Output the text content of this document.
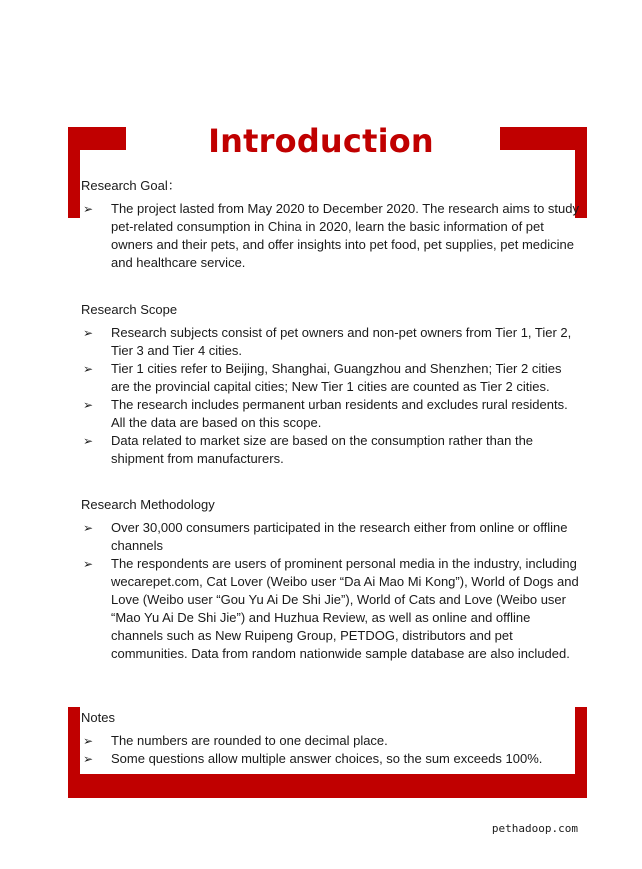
Introduction

Research Goal：

➢ The project lasted from May 2020 to December 2020. The research aims to study pet-related consumption in China in 2020, learn the basic information of pet owners and their pets, and offer insights into pet food, pet supplies, pet medicine and healthcare service.

Research Scope

➢ Research subjects consist of pet owners and non-pet owners from Tier 1, Tier 2, Tier 3 and Tier 4 cities.
➢ Tier 1 cities refer to Beijing, Shanghai, Guangzhou and Shenzhen; Tier 2 cities are the provincial capital cities; New Tier 1 cities are counted as Tier 2 cities.
➢ The research includes permanent urban residents and excludes rural residents. All the data are based on this scope.
➢ Data related to market size are based on the consumption rather than the shipment from manufacturers.

Research Methodology

➢ Over 30,000 consumers participated in the research either from online or offline channels
➢ The respondents are users of prominent personal media in the industry, including wecarepet.com, Cat Lover (Weibo user “Da Ai Mao Mi Kong”), World of Dogs and Love (Weibo user “Gou Yu Ai De Shi Jie”), World of Cats and Love (Weibo user “Mao Yu Ai De Shi Jie”) and Huzhua Review, as well as online and offline channels such as New Ruipeng Group, PETDOG, distributors and pet communities. Data from random nationwide sample database are also included.

Notes

➢ The numbers are rounded to one decimal place.
➢ Some questions allow multiple answer choices, so the sum exceeds 100%.
pethadoop.com
